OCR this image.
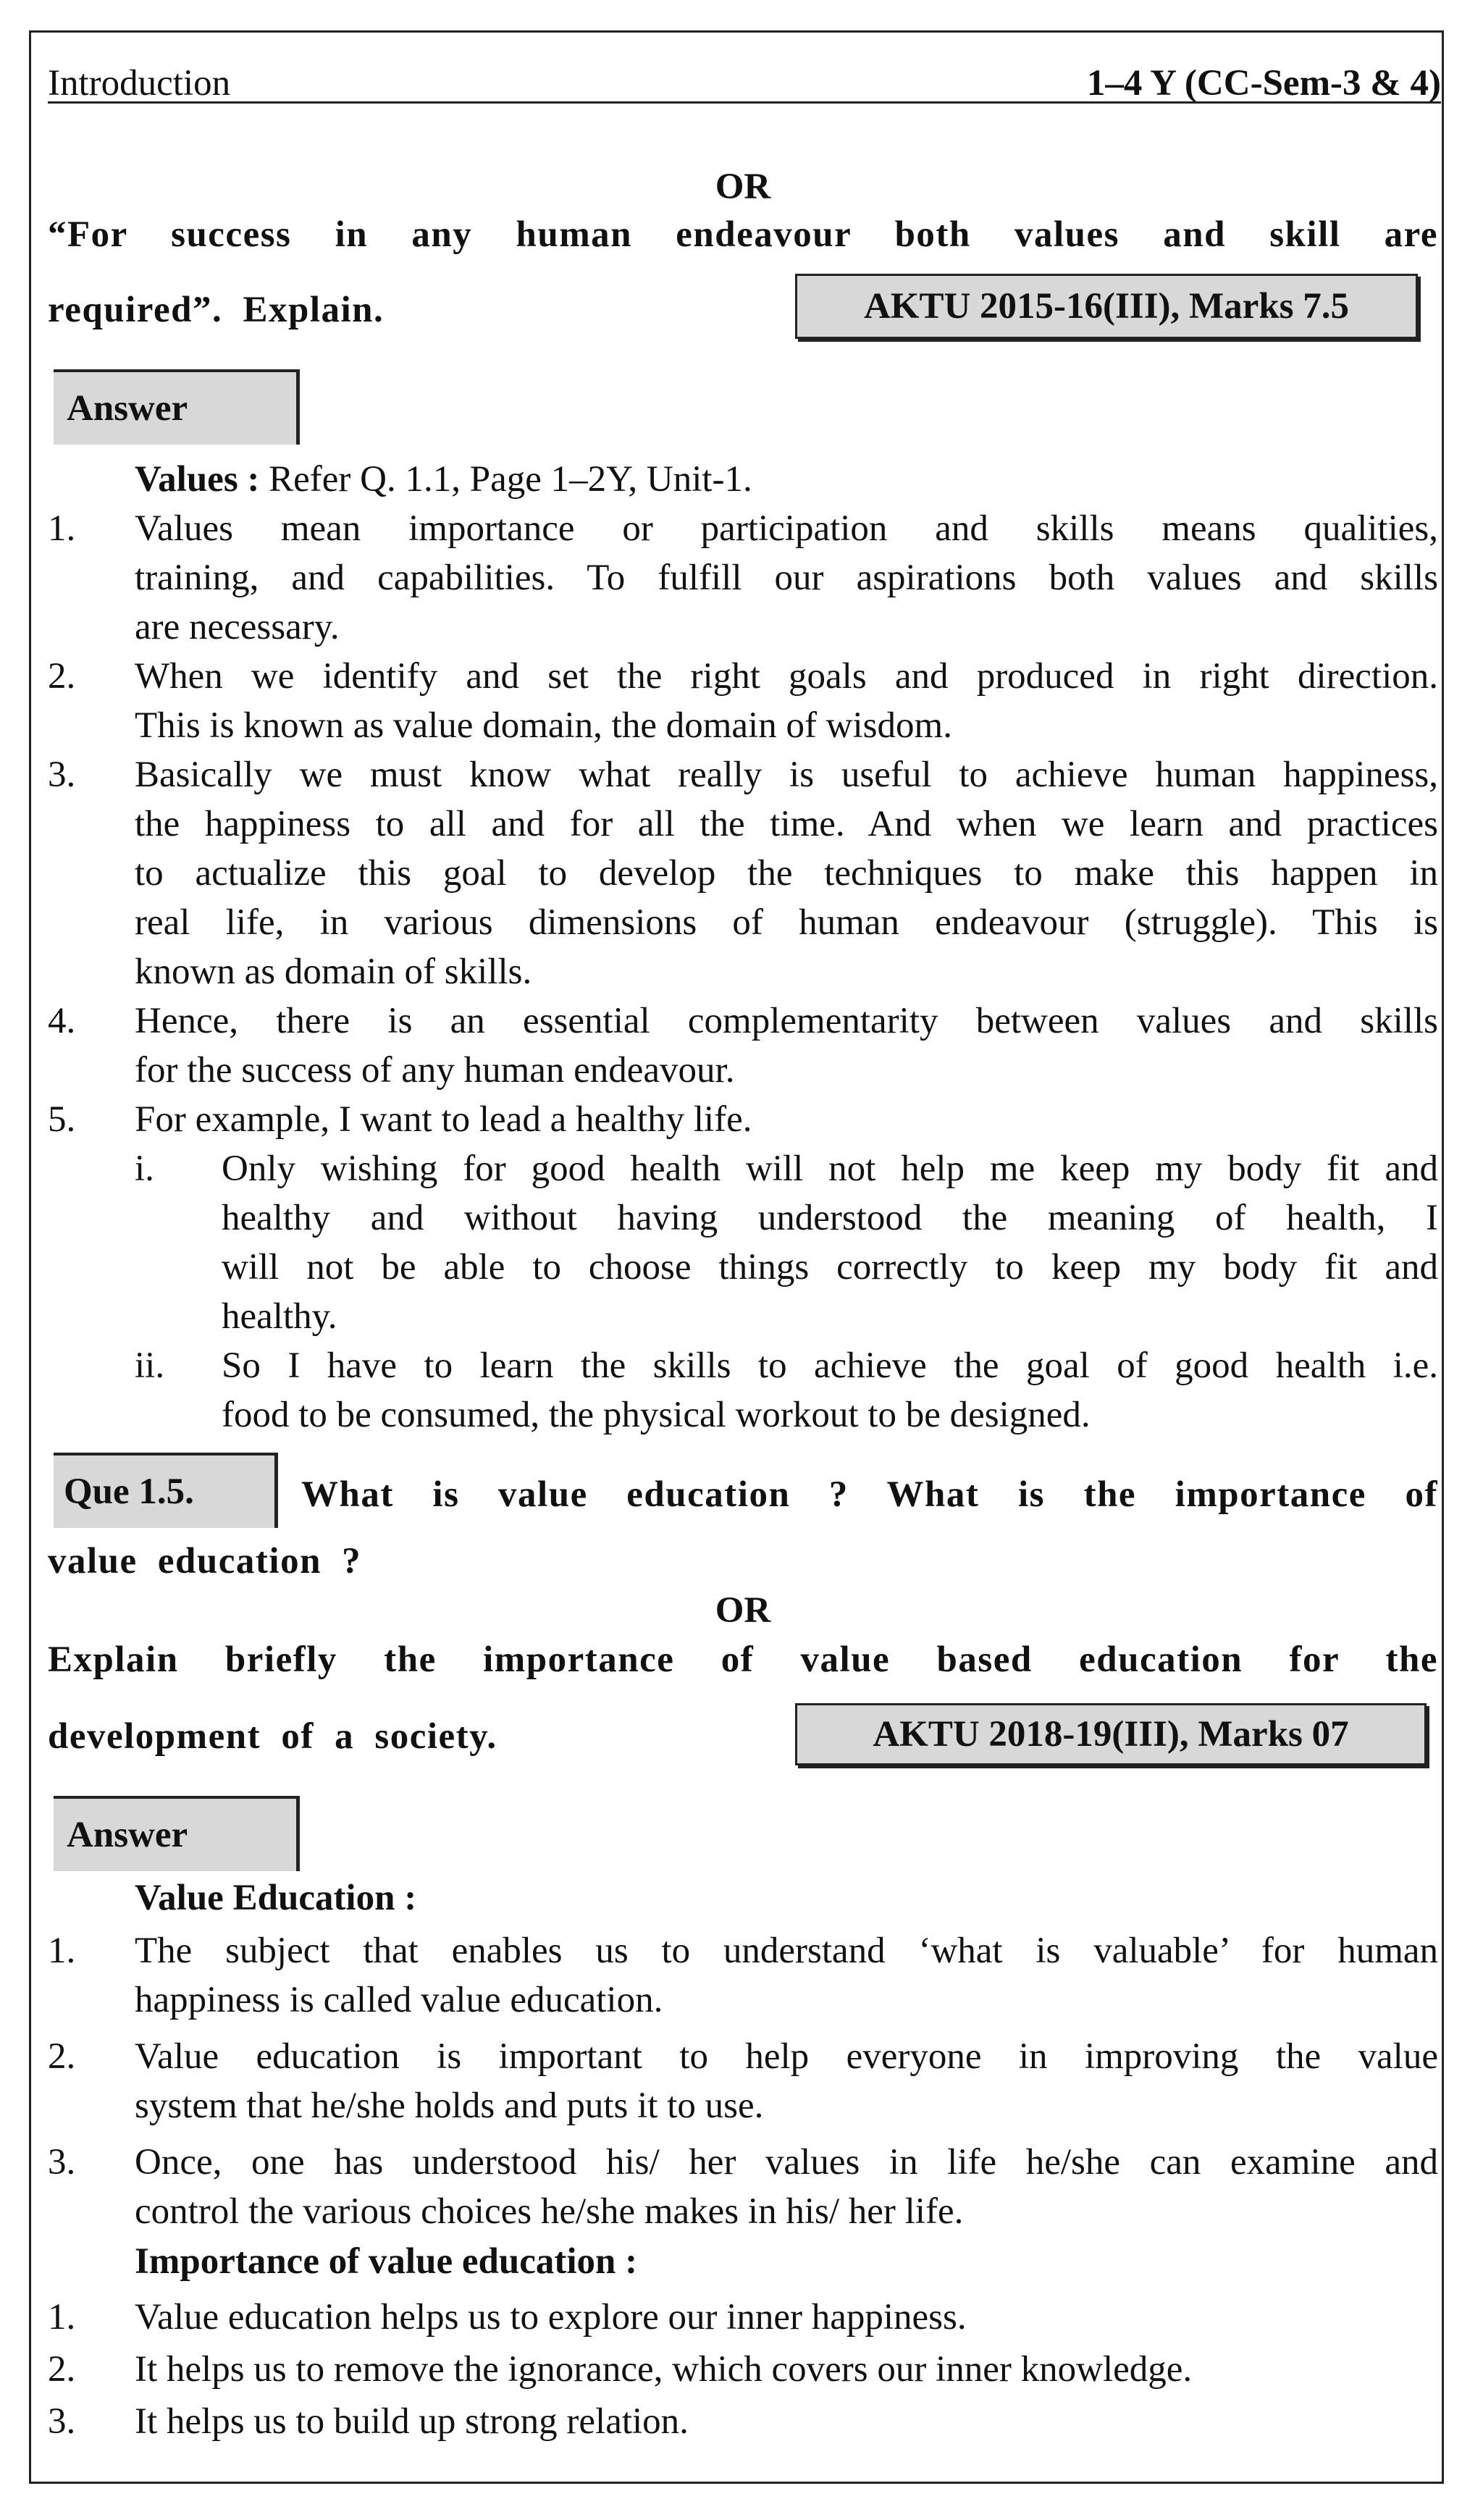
Introduction	1–4 Y (CC-Sem-3 & 4)
OR
“For success in any human endeavour both values and skill are
required”. Explain.	AKTU 2015-16(III), Marks 7.5
Answer
Values : Refer Q. 1.1, Page 1–2Y, Unit-1.
1. Values mean importance or participation and skills means qualities,
training, and capabilities. To fulfill our aspirations both values and skills
are necessary.
2. When we identify and set the right goals and produced in right direction.
This is known as value domain, the domain of wisdom.
3. Basically we must know what really is useful to achieve human happiness,
the happiness to all and for all the time. And when we learn and practices
to actualize this goal to develop the techniques to make this happen in
real life, in various dimensions of human endeavour (struggle). This is
known as domain of skills.
4. Hence, there is an essential complementarity between values and skills
for the success of any human endeavour.
5. For example, I want to lead a healthy life.
i. Only wishing for good health will not help me keep my body fit and
healthy and without having understood the meaning of health, I
will not be able to choose things correctly to keep my body fit and
healthy.
ii. So I have to learn the skills to achieve the goal of good health i.e.
food to be consumed, the physical workout to be designed.
Que 1.5.	What is value education ? What is the importance of
value education ?
OR
Explain briefly the importance of value based education for the
development of a society.	AKTU 2018-19(III), Marks 07
Answer
Value Education :
1. The subject that enables us to understand ‘what is valuable’ for human
happiness is called value education.
2. Value education is important to help everyone in improving the value
system that he/she holds and puts it to use.
3. Once, one has understood his/ her values in life he/she can examine and
control the various choices he/she makes in his/ her life.
Importance of value education :
1. Value education helps us to explore our inner happiness.
2. It helps us to remove the ignorance, which covers our inner knowledge.
3. It helps us to build up strong relation.
